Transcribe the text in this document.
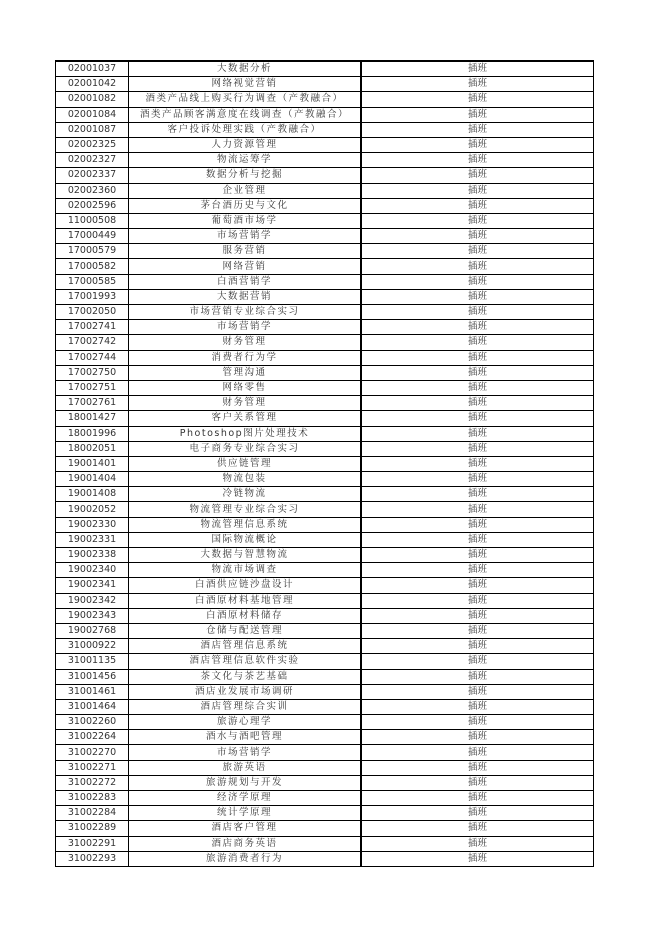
02001037	大数据分析	插班
02001042	网络视觉营销	插班
02001082	酒类产品线上购买行为调查（产教融合）	插班
02001084	酒类产品顾客满意度在线调查（产教融合）	插班
02001087	客户投诉处理实践（产教融合）	插班
02002325	人力资源管理	插班
02002327	物流运筹学	插班
02002337	数据分析与挖掘	插班
02002360	企业管理	插班
02002596	茅台酒历史与文化	插班
11000508	葡萄酒市场学	插班
17000449	市场营销学	插班
17000579	服务营销	插班
17000582	网络营销	插班
17000585	白酒营销学	插班
17001993	大数据营销	插班
17002050	市场营销专业综合实习	插班
17002741	市场营销学	插班
17002742	财务管理	插班
17002744	消费者行为学	插班
17002750	管理沟通	插班
17002751	网络零售	插班
17002761	财务管理	插班
18001427	客户关系管理	插班
18001996	Photoshop图片处理技术	插班
18002051	电子商务专业综合实习	插班
19001401	供应链管理	插班
19001404	物流包装	插班
19001408	冷链物流	插班
19002052	物流管理专业综合实习	插班
19002330	物流管理信息系统	插班
19002331	国际物流概论	插班
19002338	大数据与智慧物流	插班
19002340	物流市场调查	插班
19002341	白酒供应链沙盘设计	插班
19002342	白酒原材料基地管理	插班
19002343	白酒原材料储存	插班
19002768	仓储与配送管理	插班
31000922	酒店管理信息系统	插班
31001135	酒店管理信息软件实验	插班
31001456	茶文化与茶艺基础	插班
31001461	酒店业发展市场调研	插班
31001464	酒店管理综合实训	插班
31002260	旅游心理学	插班
31002264	酒水与酒吧管理	插班
31002270	市场营销学	插班
31002271	旅游英语	插班
31002272	旅游规划与开发	插班
31002283	经济学原理	插班
31002284	统计学原理	插班
31002289	酒店客户管理	插班
31002291	酒店商务英语	插班
31002293	旅游消费者行为	插班
